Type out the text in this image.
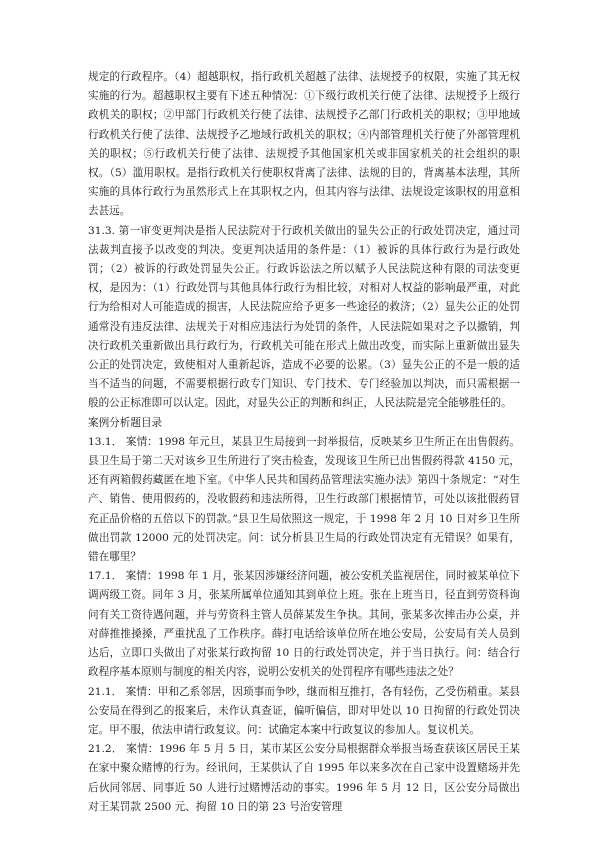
规定的行政程序。（4）超越职权，指行政机关超越了法律、法规授予的权限，实施了其无权实施的行为。超越职权主要有下述五种情况：①下级行政机关行使了法律、法规授予上级行政机关的职权；②甲部门行政机关行使了法律、法规授予乙部门行政机关的职权；③甲地域行政机关行使了法律、法规授予乙地域行政机关的职权；④内部管理机关行使了外部管理机关的职权；⑤行政机关行使了法律、法规授予其他国家机关或非国家机关的社会组织的职权。（5）滥用职权。是指行政机关行使职权背离了法律、法规的目的，背离基本法理，其所实施的具体行政行为虽然形式上在其职权之内，但其内容与法律、法规设定该职权的用意相去甚远。

31.3. 第一审变更判决是指人民法院对于行政机关做出的显失公正的行政处罚决定，通过司法裁判直接予以改变的判决。变更判决适用的条件是：（1）被诉的具体行政行为是行政处罚；（2）被诉的行政处罚显失公正。行政诉讼法之所以赋予人民法院这种有限的司法变更权，是因为：（1）行政处罚与其他具体行政行为相比较，对相对人权益的影响最严重，对此行为给相对人可能造成的损害，人民法院应给予更多一些途径的救济；（2）显失公正的处罚通常没有违反法律、法规关于对相应违法行为处罚的条件，人民法院如果对之予以撤销，判决行政机关重新做出具行政行为，行政机关可能在形式上做出改变，而实际上重新做出显失公正的处罚决定，致使相对人重新起诉，造成不必要的讼累。（3）显失公正的不是一般的适当不适当的问题，不需要根据行政专门知识、专门技术、专门经验加以判决，而只需根据一般的公正标准即可以认定。因此，对显失公正的判断和纠正，人民法院是完全能够胜任的。

案例分析题目录

13.1． 案情：1998 年元旦，某县卫生局接到一封举报信，反映某乡卫生所正在出售假药。县卫生局于第二天对该乡卫生所进行了突击检查，发现该卫生所已出售假药得款 4150 元，还有两箱假药藏匿在地下室。《中华人民共和国药品管理法实施办法》第四十条规定：“对生产、销售、使用假药的，没收假药和违法所得，卫生行政部门根据情节，可处以该批假药冒充正品价格的五倍以下的罚款。”县卫生局依照这一规定，于 1998 年 2 月 10 日对乡卫生所做出罚款 12000 元的处罚决定。问：试分析县卫生局的行政处罚决定有无错误？如果有，错在哪里？

17.1． 案情：1998 年 1 月，张某因涉嫌经济问题，被公安机关监视居住，同时被某单位下调两级工资。同年 3 月，张某所属单位通知其到单位上班。张在上班当日，径直到劳资科询问有关工资待遇问题，并与劳资科主管人员薛某发生争执。其间，张某多次摔击办公桌，并对薛推推搡搡，严重扰乱了工作秩序。薛打电话给该单位所在地公安局，公安局有关人员到达后，立即口头做出了对张某行政拘留 10 日的行政处罚决定，并于当日执行。问：结合行政程序基本原则与制度的相关内容，说明公安机关的处罚程序有哪些违法之处？

21.1． 案情：甲和乙系邻居，因琐事而争吵，继而相互推打，各有轻伤，乙受伤稍重。某县公安局在得到乙的报案后，未作认真查证，偏听偏信，即对甲处以 10 日拘留的行政处罚决定。甲不服，依法申请行政复议。问：试确定本案中行政复议的参加人。复议机关。

21.2． 案情：1996 年 5 月 5 日，某市某区公安分局根据群众举报当场查获该区居民王某在家中聚众赌博的行为。经讯问，王某供认了自 1995 年以来多次在自己家中设置赌场并先后伙同邻居、同事近 50 人进行过赌博活动的事实。1996 年 5 月 12 日，区公安分局做出对王某罚款 2500 元、拘留 10 日的第 23 号治安管理
